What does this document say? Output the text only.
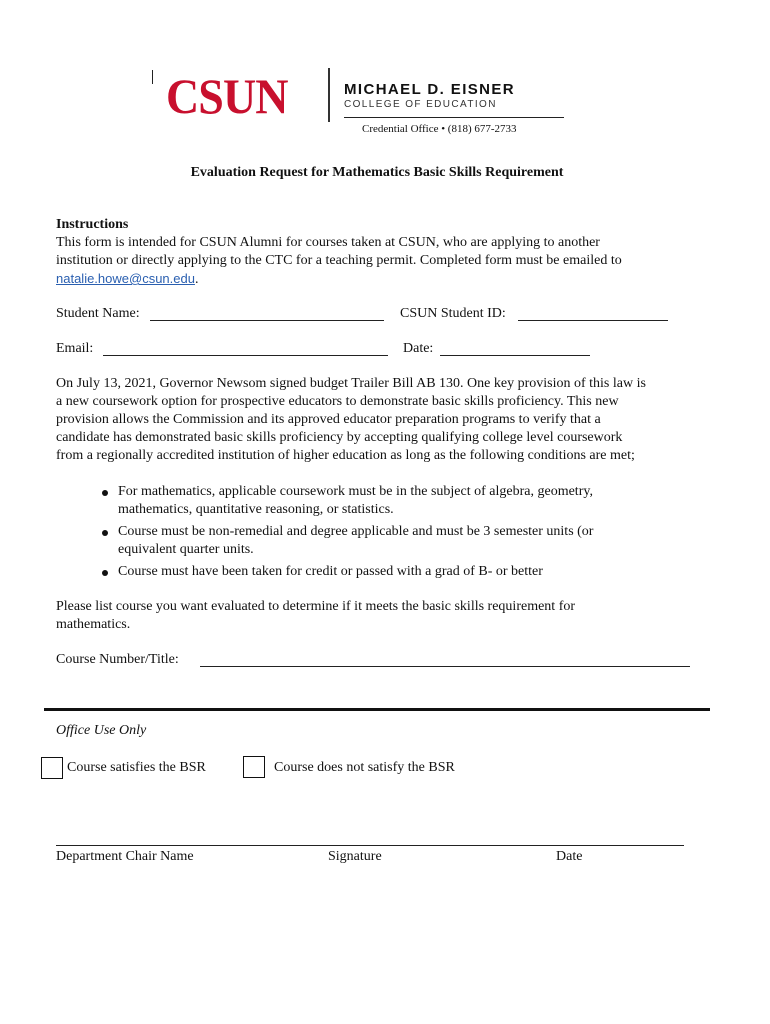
CSUN	MICHAEL D. EISNER
COLLEGE OF EDUCATION
Credential Office • (818) 677-2733
Evaluation Request for Mathematics Basic Skills Requirement
Instructions
This form is intended for CSUN Alumni for courses taken at CSUN, who are applying to another
institution or directly applying to the CTC for a teaching permit. Completed form must be emailed to
natalie.howe@csun.edu.
Student Name:	CSUN Student ID:
Email:	Date:
On July 13, 2021, Governor Newsom signed budget Trailer Bill AB 130. One key provision of this law is
a new coursework option for prospective educators to demonstrate basic skills proficiency. This new
provision allows the Commission and its approved educator preparation programs to verify that a
candidate has demonstrated basic skills proficiency by accepting qualifying college level coursework
from a regionally accredited institution of higher education as long as the following conditions are met;
For mathematics, applicable coursework must be in the subject of algebra, geometry,
mathematics, quantitative reasoning, or statistics.
Course must be non-remedial and degree applicable and must be 3 semester units (or
equivalent quarter units.
Course must have been taken for credit or passed with a grad of B- or better
Please list course you want evaluated to determine if it meets the basic skills requirement for
mathematics.
Course Number/Title:
Office Use Only
Course satisfies the BSR	Course does not satisfy the BSR
Department Chair Name	Signature	Date
